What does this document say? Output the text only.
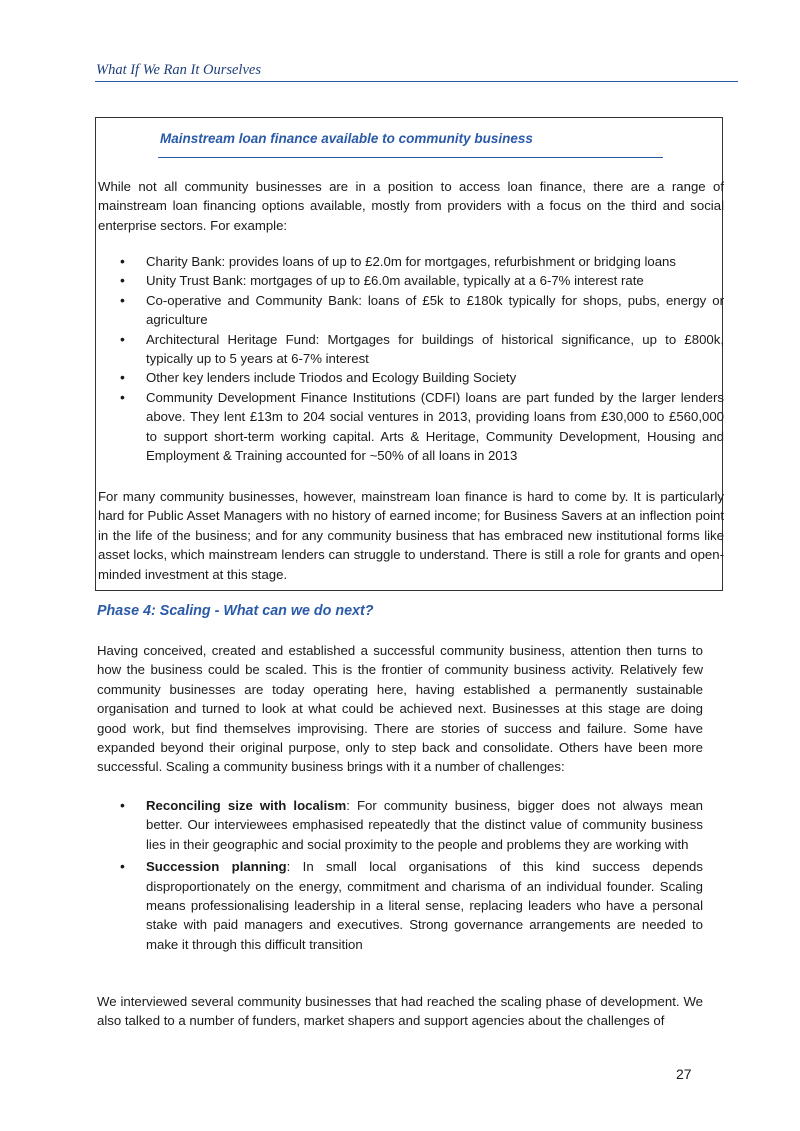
What If We Ran It Ourselves
Mainstream loan finance available to community business

While not all community businesses are in a position to access loan finance, there are a range of mainstream loan financing options available, mostly from providers with a focus on the third and social enterprise sectors. For example:

• Charity Bank: provides loans of up to £2.0m for mortgages, refurbishment or bridging loans
• Unity Trust Bank: mortgages of up to £6.0m available, typically at a 6-7% interest rate
• Co-operative and Community Bank: loans of £5k to £180k typically for shops, pubs, energy or agriculture
• Architectural Heritage Fund: Mortgages for buildings of historical significance, up to £800k, typically up to 5 years at 6-7% interest
• Other key lenders include Triodos and Ecology Building Society
• Community Development Finance Institutions (CDFI) loans are part funded by the larger lenders above. They lent £13m to 204 social ventures in 2013, providing loans from £30,000 to £560,000 to support short-term working capital. Arts & Heritage, Community Development, Housing and Employment & Training accounted for ~50% of all loans in 2013

For many community businesses, however, mainstream loan finance is hard to come by. It is particularly hard for Public Asset Managers with no history of earned income; for Business Savers at an inflection point in the life of the business; and for any community business that has embraced new institutional forms like asset locks, which mainstream lenders can struggle to understand. There is still a role for grants and open-minded investment at this stage.

Phase 4: Scaling - What can we do next?

Having conceived, created and established a successful community business, attention then turns to how the business could be scaled. This is the frontier of community business activity. Relatively few community businesses are today operating here, having established a permanently sustainable organisation and turned to look at what could be achieved next. Businesses at this stage are doing good work, but find themselves improvising. There are stories of success and failure. Some have expanded beyond their original purpose, only to step back and consolidate. Others have been more successful. Scaling a community business brings with it a number of challenges:

• Reconciling size with localism: For community business, bigger does not always mean better. Our interviewees emphasised repeatedly that the distinct value of community business lies in their geographic and social proximity to the people and problems they are working with
• Succession planning: In small local organisations of this kind success depends disproportionately on the energy, commitment and charisma of an individual founder. Scaling means professionalising leadership in a literal sense, replacing leaders who have a personal stake with paid managers and executives. Strong governance arrangements are needed to make it through this difficult transition

We interviewed several community businesses that had reached the scaling phase of development. We also talked to a number of funders, market shapers and support agencies about the challenges of

27
